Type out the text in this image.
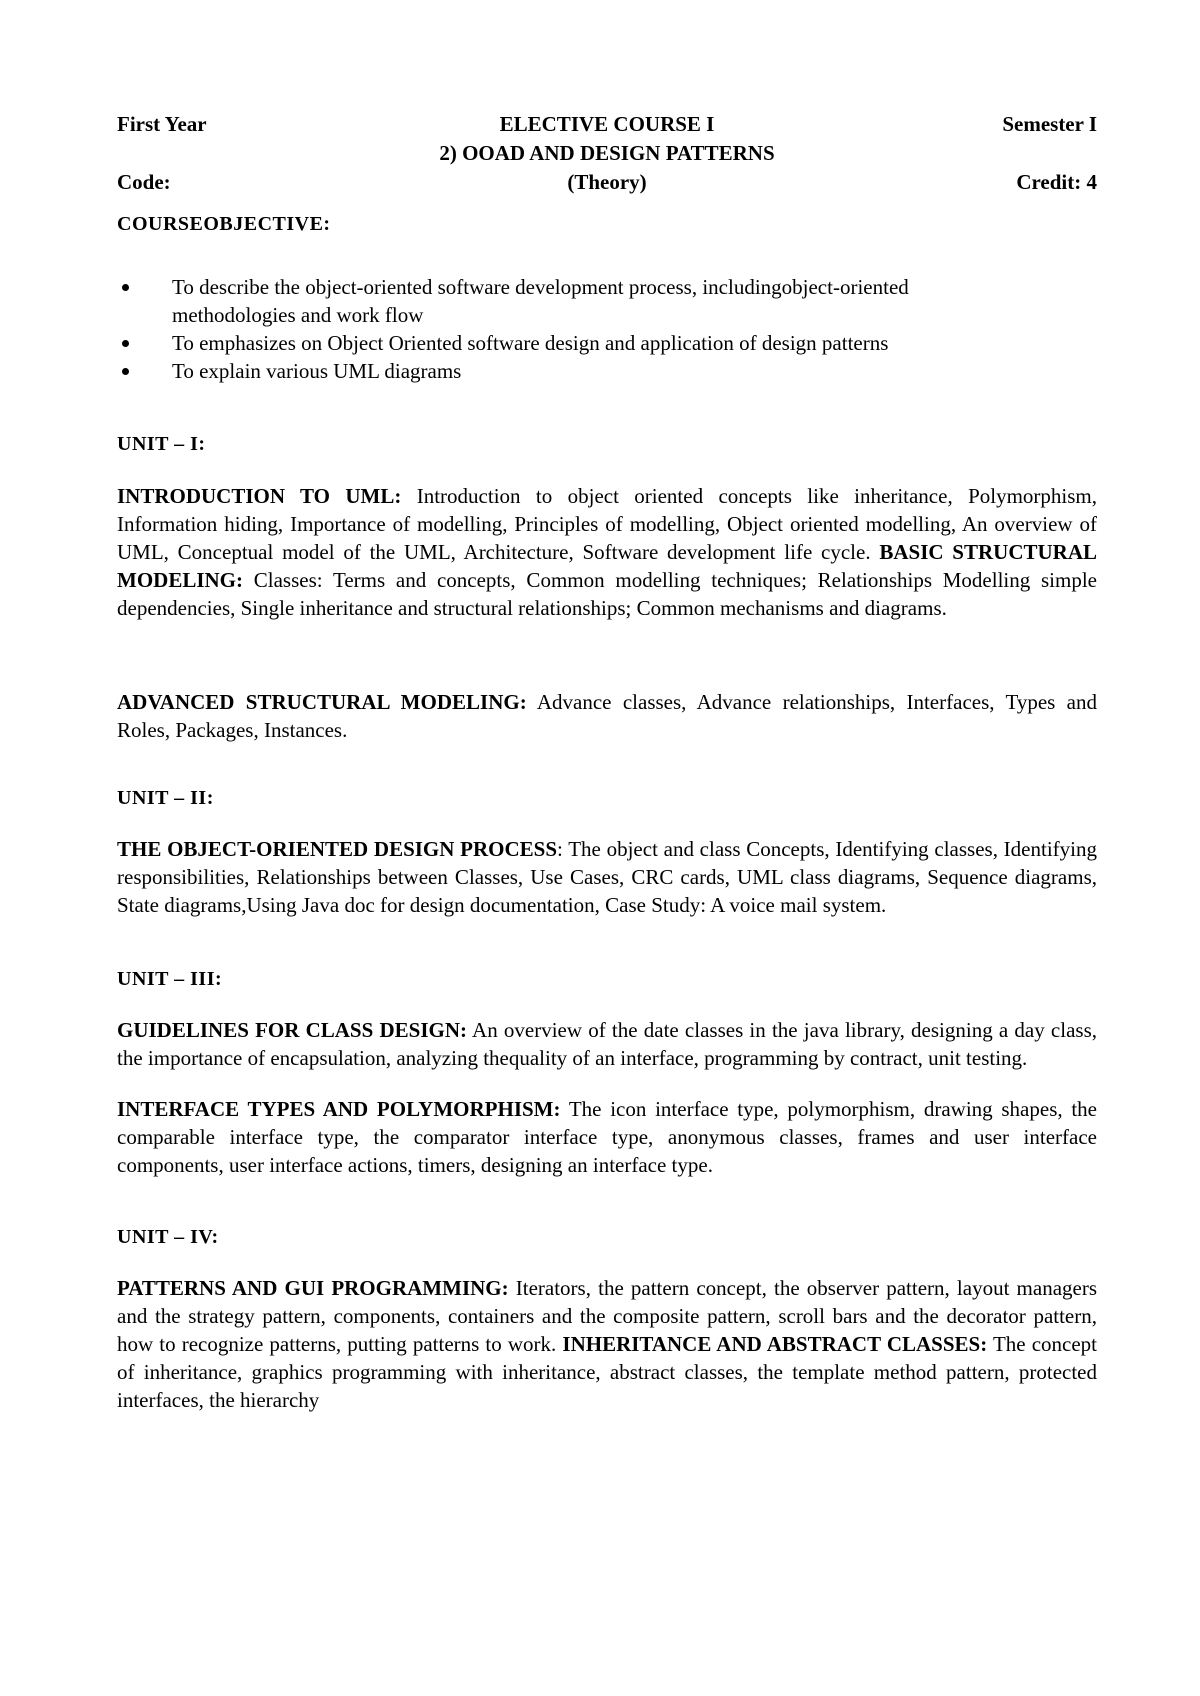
First Year	ELECTIVE COURSE I	Semester I
2) OOAD AND DESIGN PATTERNS
Code:	(Theory)	Credit: 4
COURSEOBJECTIVE:
To describe the object-oriented software development process, includingobject-oriented methodologies and work flow
To emphasizes on Object Oriented software design and application of design patterns
To explain various UML diagrams
UNIT – I:
INTRODUCTION TO UML: Introduction to object oriented concepts like inheritance, Polymorphism, Information hiding, Importance of modelling, Principles of modelling, Object oriented modelling, An overview of UML, Conceptual model of the UML, Architecture, Software development life cycle. BASIC STRUCTURAL MODELING: Classes: Terms and concepts, Common modelling techniques; Relationships Modelling simple dependencies, Single inheritance and structural relationships; Common mechanisms and diagrams.
ADVANCED STRUCTURAL MODELING: Advance classes, Advance relationships, Interfaces, Types and Roles, Packages, Instances.
UNIT – II:
THE OBJECT-ORIENTED DESIGN PROCESS: The object and class Concepts, Identifying classes, Identifying responsibilities, Relationships between Classes, Use Cases, CRC cards, UML class diagrams, Sequence diagrams, State diagrams,Using Java doc for design documentation, Case Study: A voice mail system.
UNIT – III:
GUIDELINES FOR CLASS DESIGN: An overview of the date classes in the java library, designing a day class, the importance of encapsulation, analyzing thequality of an interface, programming by contract, unit testing.
INTERFACE TYPES AND POLYMORPHISM: The icon interface type, polymorphism, drawing shapes, the comparable interface type, the comparator interface type, anonymous classes, frames and user interface components, user interface actions, timers, designing an interface type.
UNIT – IV:
PATTERNS AND GUI PROGRAMMING: Iterators, the pattern concept, the observer pattern, layout managers and the strategy pattern, components, containers and the composite pattern, scroll bars and the decorator pattern, how to recognize patterns, putting patterns to work. INHERITANCE AND ABSTRACT CLASSES: The concept of inheritance, graphics programming with inheritance, abstract classes, the template method pattern, protected interfaces, the hierarchy
